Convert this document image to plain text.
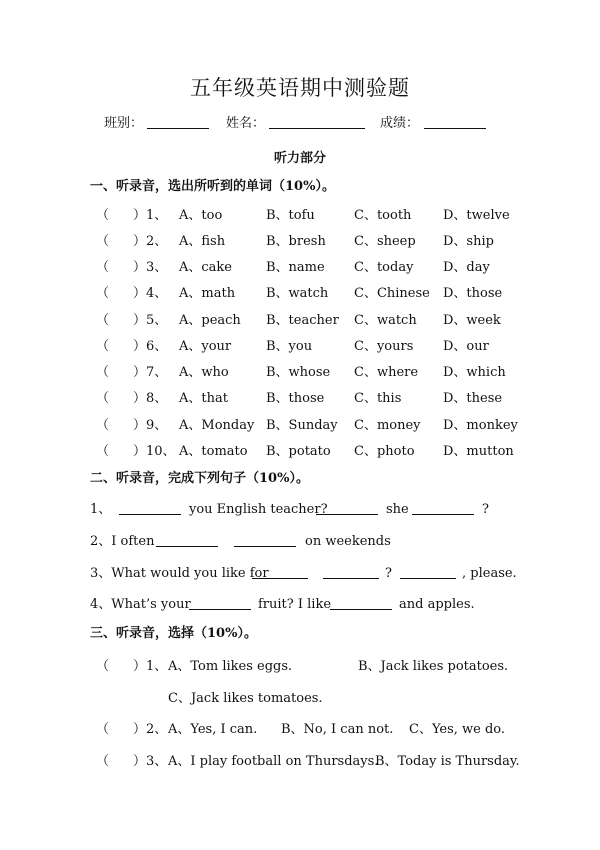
五年级英语期中测验题
班别：	姓名：	成绩：
听力部分
一、听录音，选出所听到的单词（10%）。
（ ）1、 A、too	B、tofu	C、tooth D、twelve
（ ）2、 A、fish	B、bresh C、sheep D、ship
（ ）3、 A、cake	B、name C、today D、day
（ ）4、 A、math B、watch C、Chinese D、those
（ ）5、 A、peach B、teacher C、watch D、week
（ ）6、 A、your	B、you	C、yours D、our
（ ）7、 A、who	B、whose C、where D、which
（ ）8、 A、that	B、those C、this	D、these
（ ）9、 A、Monday B、Sunday C、money D、monkey
（ ）10、 A、tomato B、potato C、photo D、mutton
二、听录音，完成下列句子（10%）。
1、	you English teacher?	she	?
2、I often	on weekends
3、What would you like for	?	, please.
4、What’s your	fruit? I like	and apples.
三、听录音，选择（10%）。
（ ）1、 A、Tom likes eggs.	B、Jack likes potatoes.
C、Jack likes tomatoes.
（ ）2、 A、Yes, I can. B、No, I can not. C、Yes, we do.
（ ）3、 A、I play football on Thursdays.
B、Today is Thursday.
